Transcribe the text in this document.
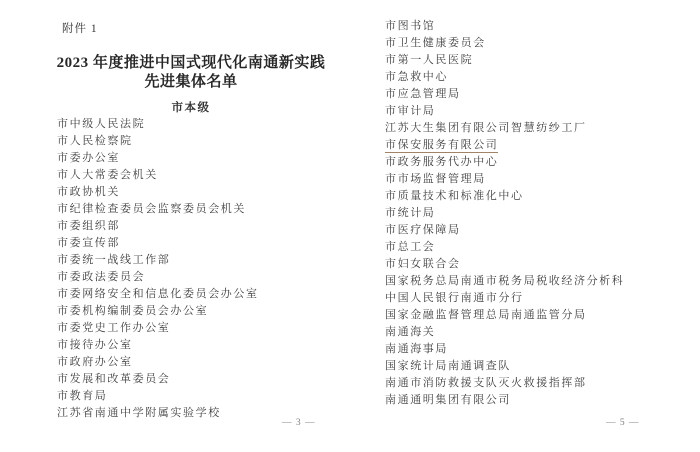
附件 1
2023 年度推进中国式现代化南通新实践
先进集体名单
市本级
市中级人民法院
市人民检察院
市委办公室
市人大常委会机关
市政协机关
市纪律检查委员会监察委员会机关
市委组织部
市委宣传部
市委统一战线工作部
市委政法委员会
市委网络安全和信息化委员会办公室
市委机构编制委员会办公室
市委党史工作办公室
市接待办公室
市政府办公室
市发展和改革委员会
市教育局
江苏省南通中学附属实验学校
市图书馆
市卫生健康委员会
市第一人民医院
市急救中心
市应急管理局
市审计局
江苏大生集团有限公司智慧纺纱工厂
市保安服务有限公司
市政务服务代办中心
市市场监督管理局
市质量技术和标准化中心
市统计局
市医疗保障局
市总工会
市妇女联合会
国家税务总局南通市税务局税收经济分析科
中国人民银行南通市分行
国家金融监督管理总局南通监管分局
南通海关
南通海事局
国家统计局南通调查队
南通市消防救援支队灭火救援指挥部
南通通明集团有限公司
— 3 —	— 5 —
